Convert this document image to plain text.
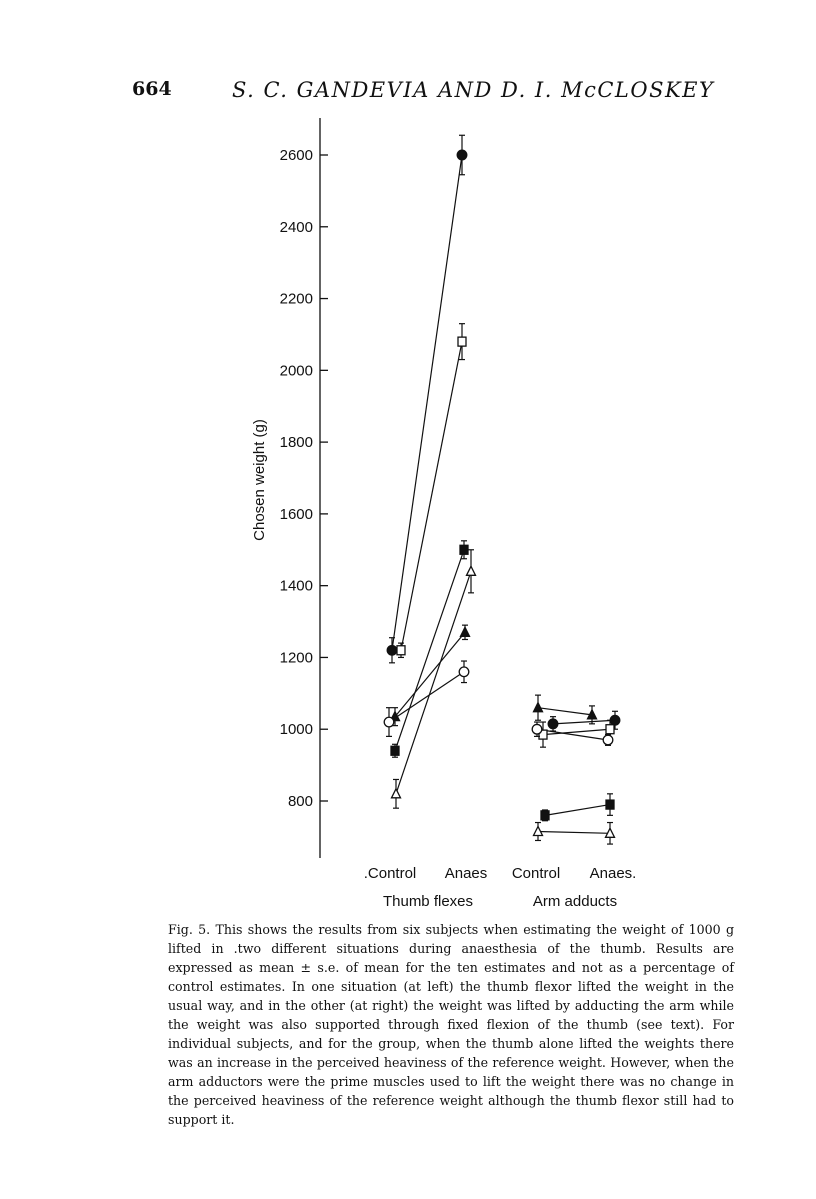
664	S. C. GANDEVIA AND D. I. McCLOSKEY
800
1000
1200
1400
1600
1800
2000
2200
2400
2600
Chosen weight (g)
.Control Anaes Control Anaes.
Thumb flexes	Arm adducts
Fig. 5. This shows the results from six subjects when estimating the weight of 1000 g lifted in .two different situations during anaesthesia of the thumb. Results are expressed as mean ± s.e. of mean for the ten estimates and not as a percentage of control estimates. In one situation (at left) the thumb flexor lifted the weight in the usual way, and in the other (at right) the weight was lifted by adducting the arm while the weight was also supported through fixed flexion of the thumb (see text). For individual subjects, and for the group, when the thumb alone lifted the weights there was an increase in the perceived heaviness of the reference weight. However, when the arm adductors were the prime muscles used to lift the weight there was no change in the perceived heaviness of the reference weight although the thumb flexor still had to support it.
